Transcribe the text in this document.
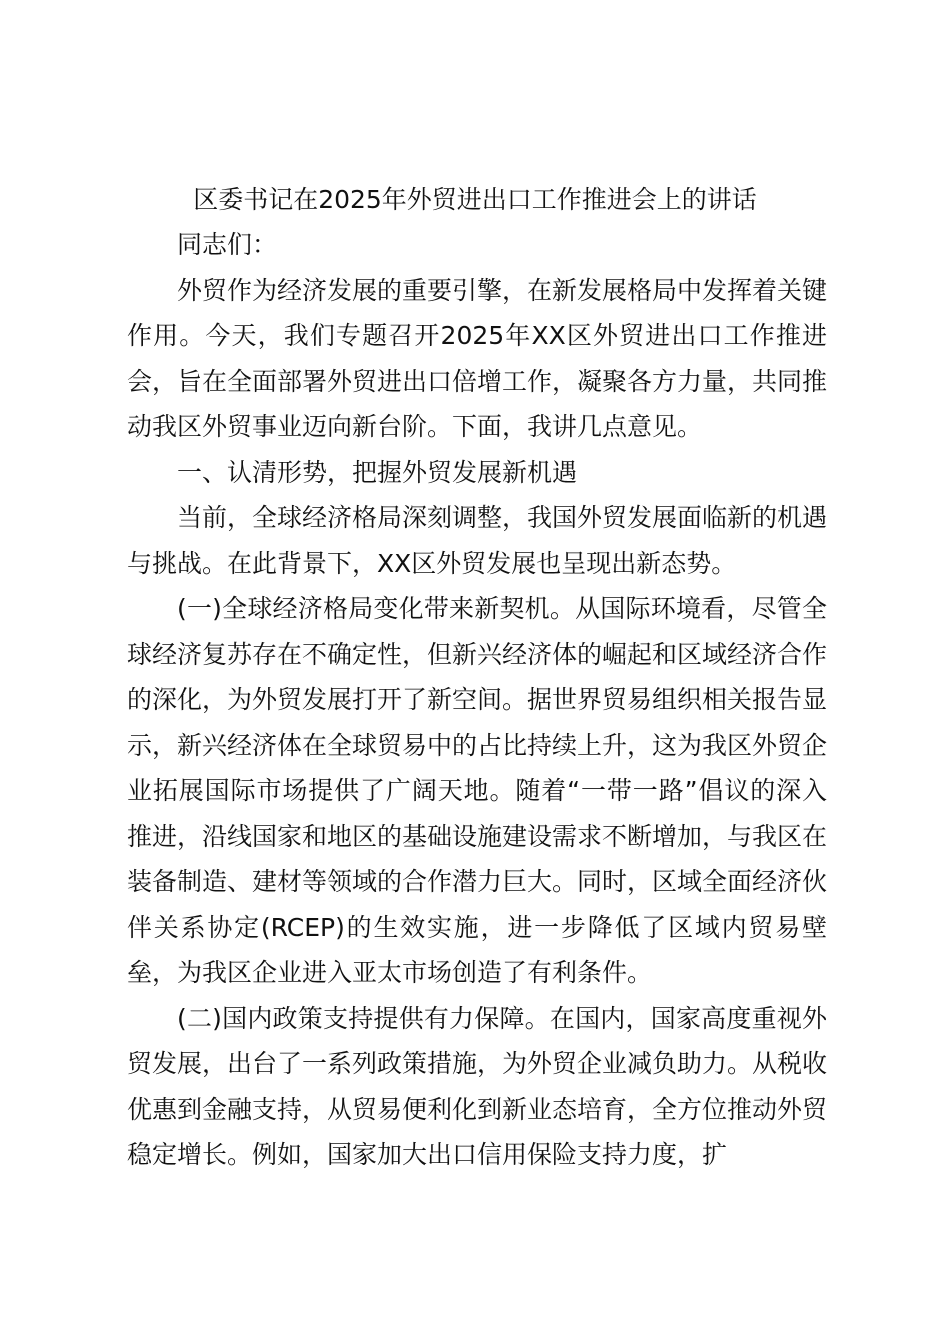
区委书记在2025年外贸进出口工作推进会上的讲话

同志们：

外贸作为经济发展的重要引擎，在新发展格局中发挥着关键作用。今天，我们专题召开2025年XX区外贸进出口工作推进会，旨在全面部署外贸进出口倍增工作，凝聚各方力量，共同推动我区外贸事业迈向新台阶。下面，我讲几点意见。

一、认清形势，把握外贸发展新机遇

当前，全球经济格局深刻调整，我国外贸发展面临新的机遇与挑战。在此背景下，XX区外贸发展也呈现出新态势。

(一)全球经济格局变化带来新契机。从国际环境看，尽管全球经济复苏存在不确定性，但新兴经济体的崛起和区域经济合作的深化，为外贸发展打开了新空间。据世界贸易组织相关报告显示，新兴经济体在全球贸易中的占比持续上升，这为我区外贸企业拓展国际市场提供了广阔天地。随着“一带一路”倡议的深入推进，沿线国家和地区的基础设施建设需求不断增加，与我区在装备制造、建材等领域的合作潜力巨大。同时，区域全面经济伙伴关系协定(RCEP)的生效实施，进一步降低了区域内贸易壁垒，为我区企业进入亚太市场创造了有利条件。

(二)国内政策支持提供有力保障。在国内，国家高度重视外贸发展，出台了一系列政策措施，为外贸企业减负助力。从税收优惠到金融支持，从贸易便利化到新业态培育，全方位推动外贸稳定增长。例如，国家加大出口信用保险支持力度，扩
